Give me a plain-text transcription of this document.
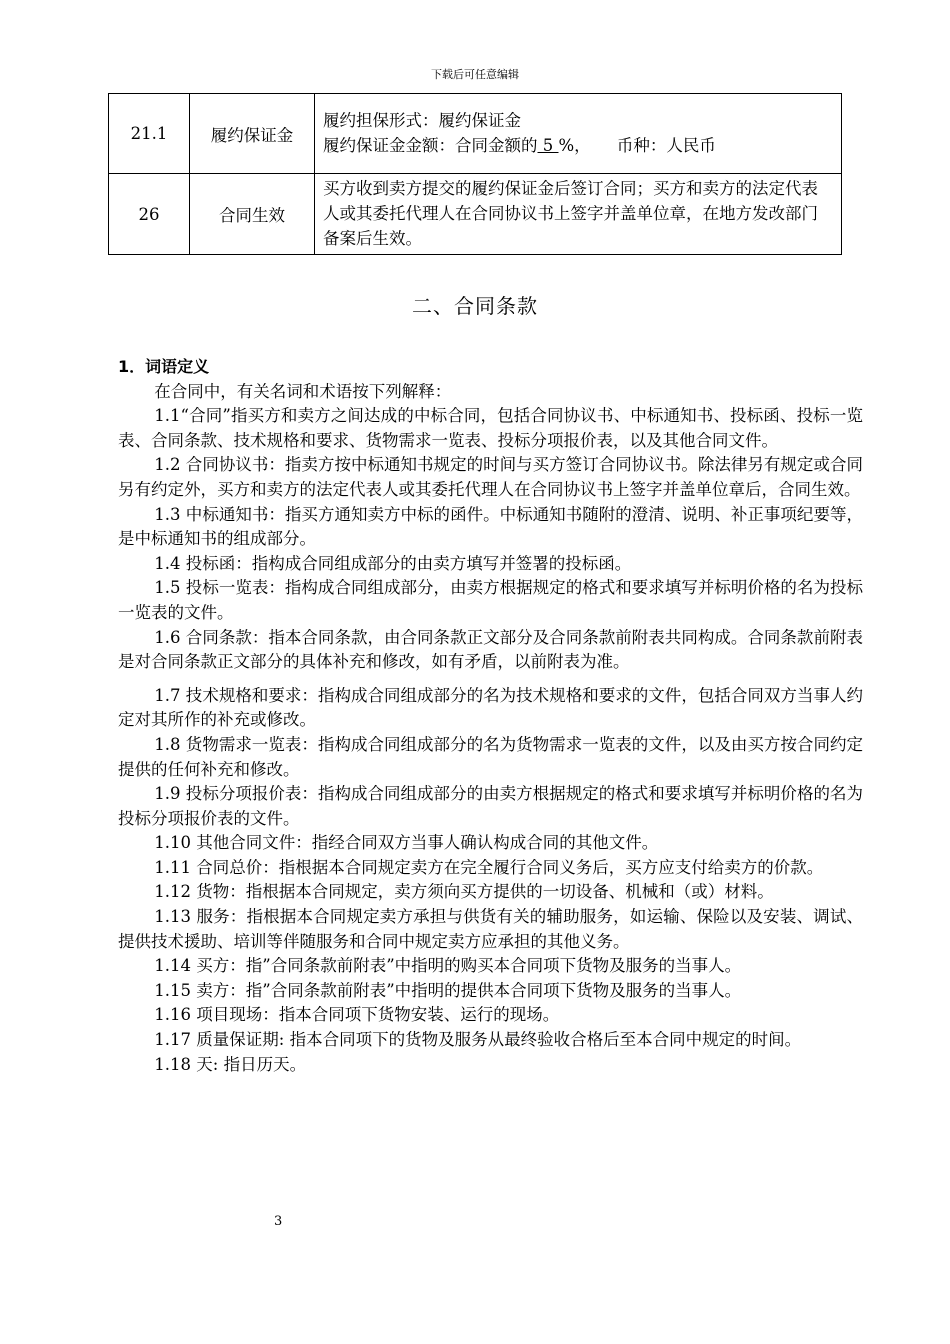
下载后可任意编辑
21.1	履约保证金	履约担保形式：履约保证金
履约保证金金额：合同金额的 5 %，     币种：人民币

26	合同生效	买方收到卖方提交的履约保证金后签订合同；买方和卖方的法定代表人或其委托代理人在合同协议书上签字并盖单位章，在地方发改部门备案后生效。
二、合同条款

1．词语定义

在合同中，有关名词和术语按下列解释：

1.1“合同”指买方和卖方之间达成的中标合同，包括合同协议书、中标通知书、投标函、投标一览表、合同条款、技术规格和要求、货物需求一览表、投标分项报价表，以及其他合同文件。

1.2 合同协议书：指卖方按中标通知书规定的时间与买方签订合同协议书。除法律另有规定或合同另有约定外，买方和卖方的法定代表人或其委托代理人在合同协议书上签字并盖单位章后，合同生效。

1.3 中标通知书：指买方通知卖方中标的函件。中标通知书随附的澄清、说明、补正事项纪要等，是中标通知书的组成部分。

1.4 投标函：指构成合同组成部分的由卖方填写并签署的投标函。

1.5 投标一览表：指构成合同组成部分，由卖方根据规定的格式和要求填写并标明价格的名为投标一览表的文件。

1.6 合同条款：指本合同条款，由合同条款正文部分及合同条款前附表共同构成。合同条款前附表是对合同条款正文部分的具体补充和修改，如有矛盾，以前附表为准。

1.7 技术规格和要求：指构成合同组成部分的名为技术规格和要求的文件，包括合同双方当事人约定对其所作的补充或修改。

1.8 货物需求一览表：指构成合同组成部分的名为货物需求一览表的文件，以及由买方按合同约定提供的任何补充和修改。

1.9 投标分项报价表：指构成合同组成部分的由卖方根据规定的格式和要求填写并标明价格的名为投标分项报价表的文件。

1.10 其他合同文件：指经合同双方当事人确认构成合同的其他文件。

1.11 合同总价：指根据本合同规定卖方在完全履行合同义务后，买方应支付给卖方的价款。

1.12 货物：指根据本合同规定，卖方须向买方提供的一切设备、机械和（或）材料。

1.13 服务：指根据本合同规定卖方承担与供货有关的辅助服务，如运输、保险以及安装、调试、提供技术援助、培训等伴随服务和合同中规定卖方应承担的其他义务。

1.14 买方：指”合同条款前附表”中指明的购买本合同项下货物及服务的当事人。

1.15 卖方：指”合同条款前附表”中指明的提供本合同项下货物及服务的当事人。

1.16 项目现场：指本合同项下货物安装、运行的现场。

1.17 质量保证期: 指本合同项下的货物及服务从最终验收合格后至本合同中规定的时间。

1.18 天: 指日历天。

3
